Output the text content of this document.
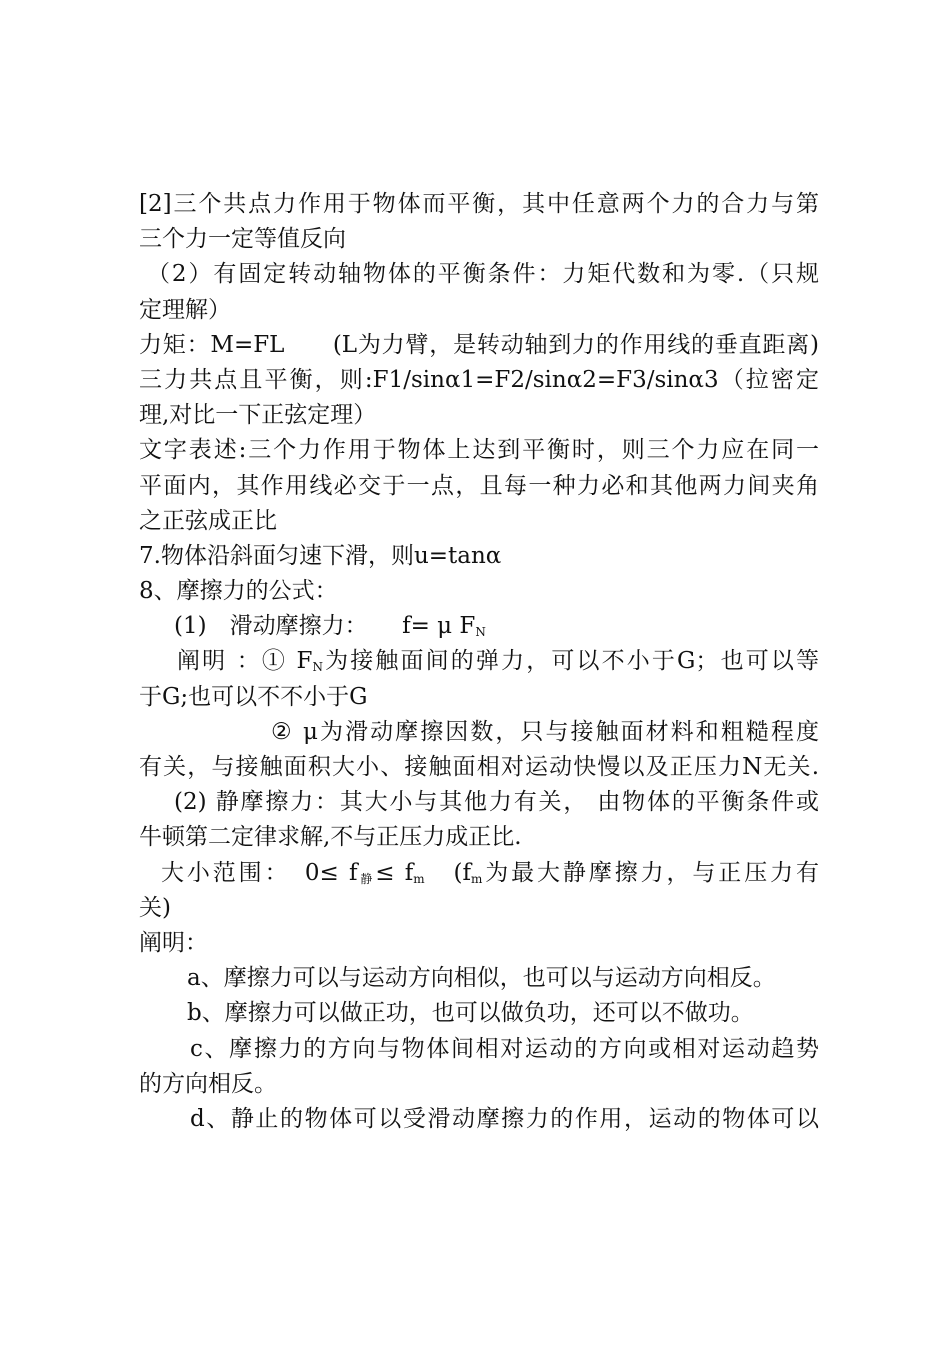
[2]三个共点力作用于物体而平衡，其中任意两个力的合力与第
三个力一定等值反向
（2）有固定转动轴物体的平衡条件：力矩代数和为零.（只规
定理解）
力矩：M=FL　　(L为力臂，是转动轴到力的作用线的垂直距离)
三力共点且平衡，则:F1/sinα1=F2/sinα2=F3/sinα3（拉密定
理,对比一下正弦定理）
文字表述:三个力作用于物体上达到平衡时，则三个力应在同一
平面内，其作用线必交于一点，且每一种力必和其他两力间夹角
之正弦成正比
7.物体沿斜面匀速下滑，则u=tanα
8、摩擦力的公式：
(1)　滑动摩擦力：　　f= μ $F_N$
阐明 ：① $F_N$为接触面间的弹力，可以不小于G；也可以等
于G;也可以不不小于G
② μ为滑动摩擦因数，只与接触面材料和粗糙程度
有关，与接触面积大小、接触面相对运动快慢以及正压力N无关.
(2) 静摩擦力：其大小与其他力有关， 由物体的平衡条件或
牛顿第二定律求解,不与正压力成正比.
大小范围：　$0\le f_静\le f_m$　($f_m$为最大静摩擦力，与正压力有
关)
阐明：
a、摩擦力可以与运动方向相似，也可以与运动方向相反。
b、摩擦力可以做正功，也可以做负功，还可以不做功。
c、摩擦力的方向与物体间相对运动的方向或相对运动趋势
的方向相反。
d、静止的物体可以受滑动摩擦力的作用，运动的物体可以
